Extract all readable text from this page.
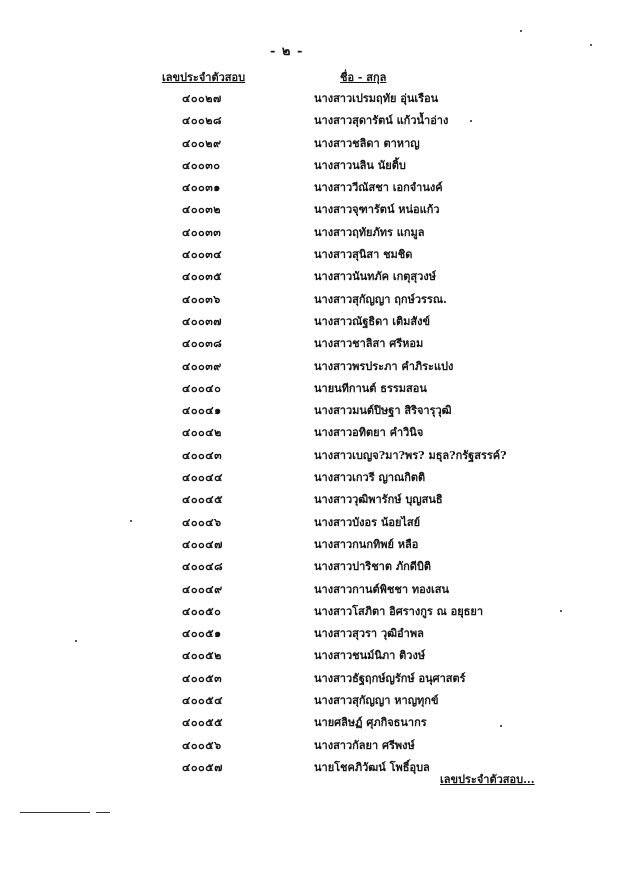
- ๒ -
เลขประจำตัวสอบ	ชื่อ - สกุล
๔๐๐๒๗	นางสาวเปรมฤทัย อุ่นเรือน
๔๐๐๒๘	นางสาวสุดารัตน์ แก้วน้ำอ่าง
๔๐๐๒๙	นางสาวชลิดา ตาหาญ
๔๐๐๓๐	นางสาวนลิน นัยติ้บ
๔๐๐๓๑	นางสาววีณัสชา เอกจำนงค์
๔๐๐๓๒	นางสาวจุฑารัตน์ หน่อแก้ว
๔๐๐๓๓	นางสาวฤทัยภัทร แกมูล
๔๐๐๓๔	นางสาวสุนิสา ชมชิด
๔๐๐๓๕	นางสาวนันทภัค เกตุสุวงษ์
๔๐๐๓๖	นางสาวสุกัญญา ฤกษ์วรรณ.
๔๐๐๓๗	นางสาวณัฐธิดา เติมสังข์
๔๐๐๓๘	นางสาวชาลิสา ศรีหอม
๔๐๐๓๙	นางสาวพรประภา คำภิระแปง
๔๐๐๔๐	นายนทีกานต์ ธรรมสอน
๔๐๐๔๑	นางสาวมนต์ปิษฐา สิริจารุวุฒิ
๔๐๐๔๒	นางสาวอทิตยา คำวินิจ
๔๐๐๔๓	นางสาวเบญจ?มา?พร? มธุล?กรัฐสรรค์?
๔๐๐๔๔	นางสาวเกวรี ญาณกิตติ
๔๐๐๔๕	นางสาววุฒิพารักษ์ บุญสนธิ
๔๐๐๔๖	นางสาวบังอร น้อยไสย์
๔๐๐๔๗	นางสาวกนกทิพย์ หลือ
๔๐๐๔๘	นางสาวปาริชาต ภักดีบิติ
๔๐๐๔๙	นางสาวกานต์พิชชา ทองเสน
๔๐๐๕๐	นางสาวโสภิตา อิศรางกูร ณ อยุธยา
๔๐๐๕๑	นางสาวสุวรา วุฒิอำพล
๔๐๐๕๒	นางสาวชนม์นิภา ติวงษ์
๔๐๐๕๓	นางสาวธัฐฤกษ์ญรักษ์ อนุศาสตร์
๔๐๐๕๔	นางสาวสุกัญญา หาญทุกข์
๔๐๐๕๕	นายศลิษฏ์ ศุภกิจธนากร
๔๐๐๕๖	นางสาวกัลยา ศรีพงษ์
๔๐๐๕๗	นายโชคภิวัฒน์ โพธิ์อุบล
เลขประจำตัวสอบ...
